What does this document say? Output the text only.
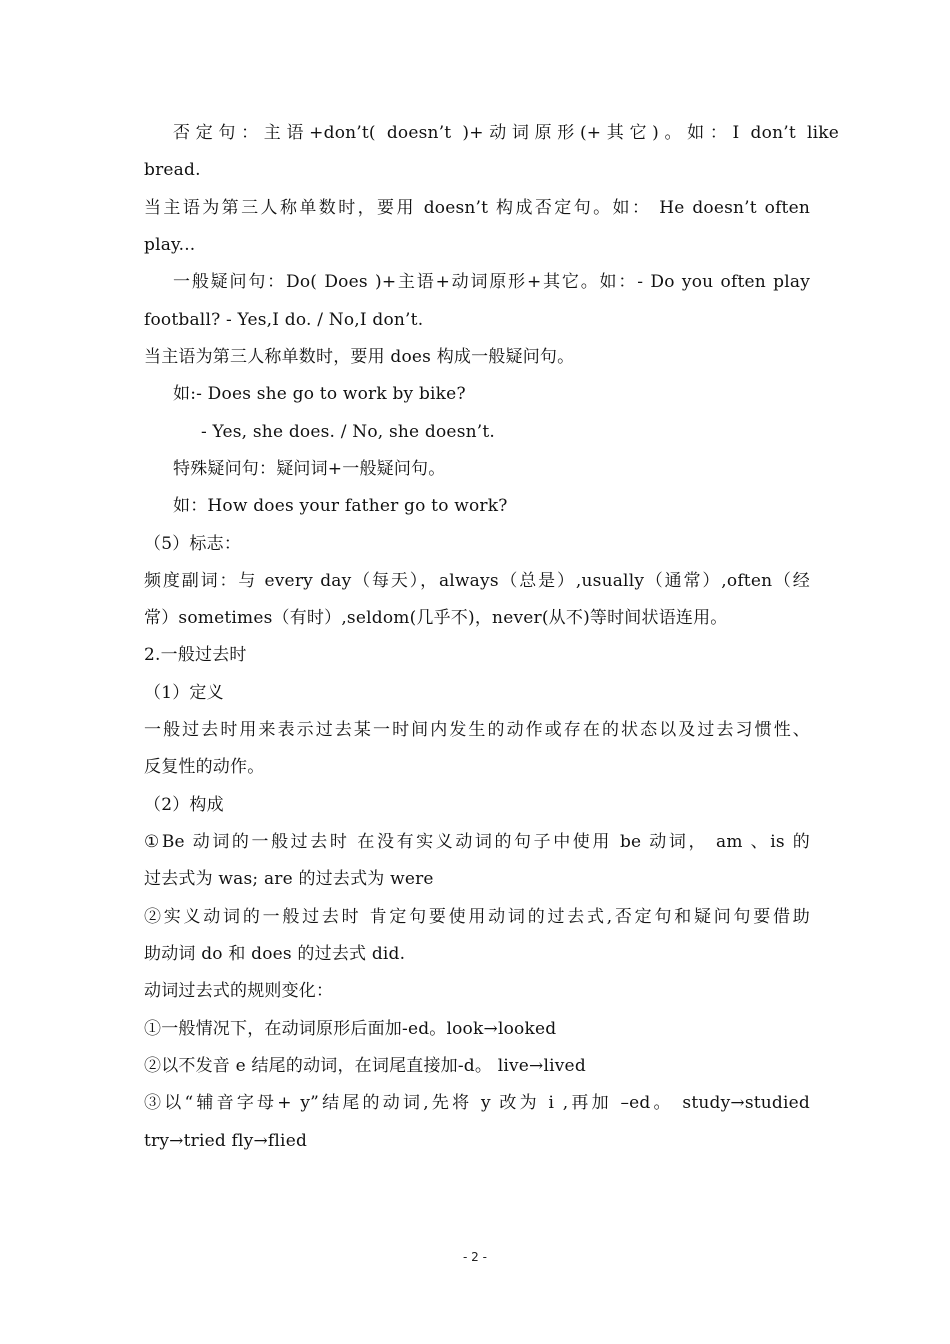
否定句：主语+don’t( doesn’t )+动词原形(+其它)。如：I don’t like
bread.
当主语为第三人称单数时，要用 doesn’t 构成否定句。如： He doesn’t often
play...
一般疑问句：Do( Does )+主语+动词原形+其它。如：- Do you often play
football? - Yes,I do. / No,I don’t.
当主语为第三人称单数时，要用 does 构成一般疑问句。
如:- Does she go to work by bike?
- Yes, she does. / No, she doesn’t.
特殊疑问句：疑问词+一般疑问句。
如：How does your father go to work?
（5）标志：
频度副词：与 every day（每天），always（总是）,usually（通常）,often（经
常）sometimes（有时）,seldom(几乎不)，never(从不)等时间状语连用。
2.一般过去时
（1）定义
一般过去时用来表示过去某一时间内发生的动作或存在的状态以及过去习惯性、
反复性的动作。
（2）构成
①Be 动词的一般过去时 在没有实义动词的句子中使用 be 动词， am 、is 的
过去式为 was; are 的过去式为 were
②实义动词的一般过去时 肯定句要使用动词的过去式,否定句和疑问句要借助
助动词 do 和 does 的过去式 did.
动词过去式的规则变化：
①一般情况下，在动词原形后面加-ed。look→looked
②以不发音 e 结尾的动词，在词尾直接加-d。 live→lived
③以“辅音字母+ y”结尾的动词,先将 y 改为 i ,再加 –ed。 study→studied
try→tried fly→flied
- 2 -
